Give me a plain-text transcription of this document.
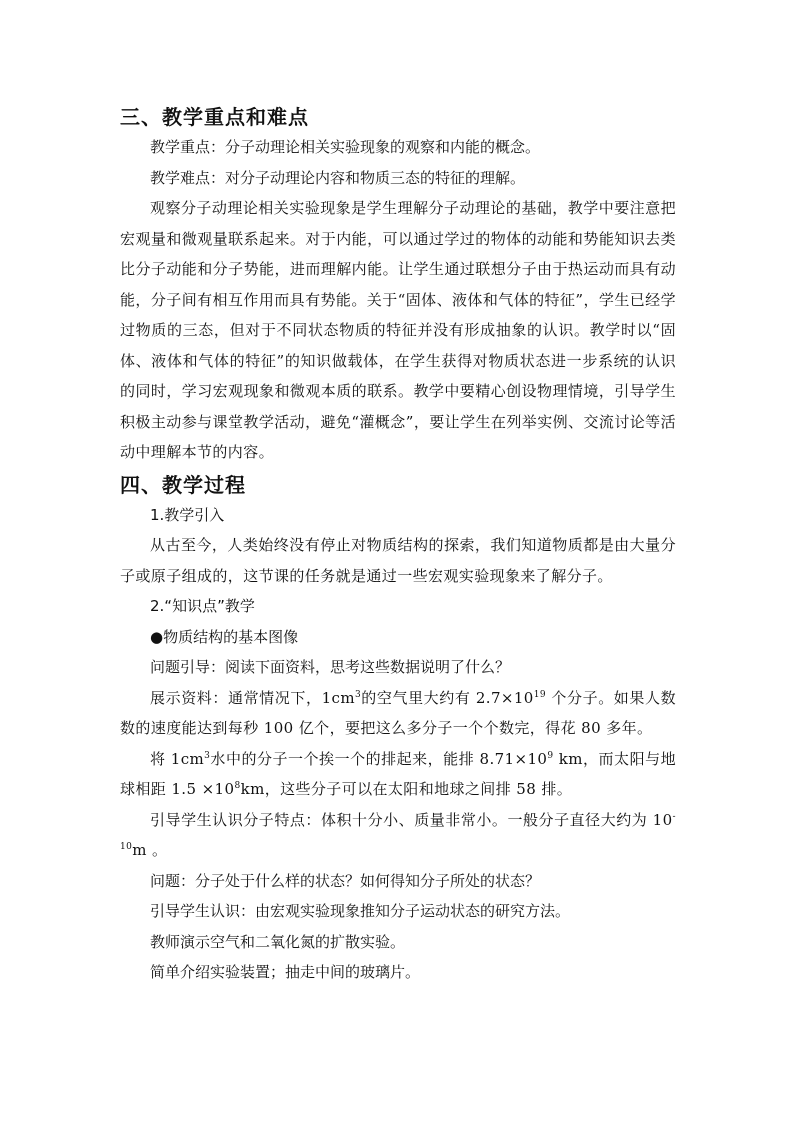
三、教学重点和难点

教学重点：分子动理论相关实验现象的观察和内能的概念。

教学难点：对分子动理论内容和物质三态的特征的理解。

观察分子动理论相关实验现象是学生理解分子动理论的基础，教学中要注意把宏观量和微观量联系起来。对于内能，可以通过学过的物体的动能和势能知识去类比分子动能和分子势能，进而理解内能。让学生通过联想分子由于热运动而具有动能，分子间有相互作用而具有势能。关于“固体、液体和气体的特征”，学生已经学过物质的三态，但对于不同状态物质的特征并没有形成抽象的认识。教学时以“固体、液体和气体的特征”的知识做载体，在学生获得对物质状态进一步系统的认识的同时，学习宏观现象和微观本质的联系。教学中要精心创设物理情境，引导学生积极主动参与课堂教学活动，避免“灌概念”，要让学生在列举实例、交流讨论等活动中理解本节的内容。

四、教学过程

1.教学引入

从古至今，人类始终没有停止对物质结构的探索，我们知道物质都是由大量分子或原子组成的，这节课的任务就是通过一些宏观实验现象来了解分子。

2.“知识点”教学

●物质结构的基本图像

问题引导：阅读下面资料，思考这些数据说明了什么？

展示资料：通常情况下，$1cm^3$的空气里大约有 $2.7\times 10^{19}$ 个分子。如果人数数的速度能达到每秒 100 亿个，要把这么多分子一个个数完，得花 80 多年。

将 $1cm^3$水中的分子一个挨一个的排起来，能排 $8.71\times 10^9$ km，而太阳与地球相距 $1.5 \times 10^8km$，这些分子可以在太阳和地球之间排 58 排。

引导学生认识分子特点：体积十分小、质量非常小。一般分子直径大约为 $10^{-10}m$ 。

问题：分子处于什么样的状态？如何得知分子所处的状态？

引导学生认识：由宏观实验现象推知分子运动状态的研究方法。

教师演示空气和二氧化氮的扩散实验。

简单介绍实验装置；抽走中间的玻璃片。
